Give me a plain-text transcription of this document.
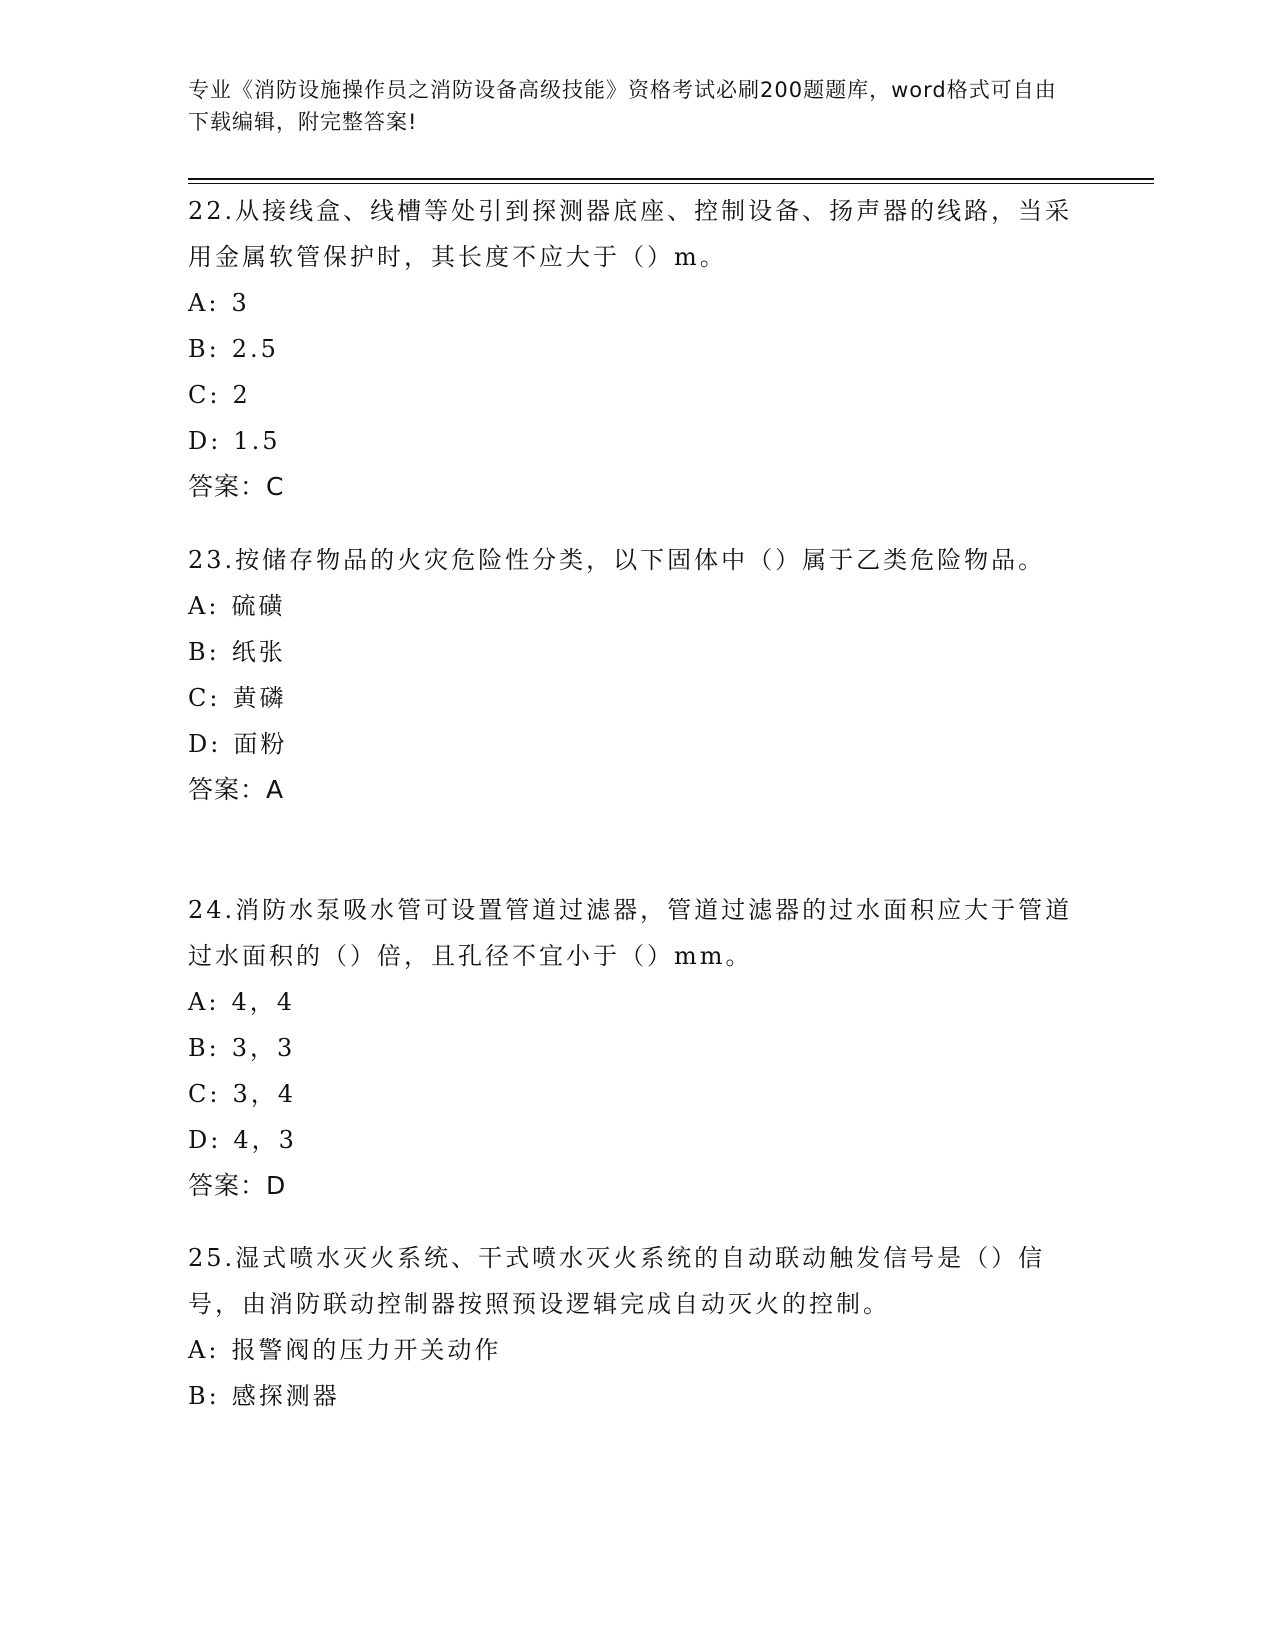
专业《消防设施操作员之消防设备高级技能》资格考试必刷200题题库，word格式可自由下载编辑，附完整答案!

22.从接线盒、线槽等处引到探测器底座、控制设备、扬声器的线路，当采用金属软管保护时，其长度不应大于（）m。

A: 3
B: 2.5
C: 2
D: 1.5
答案：C

23.按储存物品的火灾危险性分类，以下固体中（）属于乙类危险物品。

A: 硫磺
B: 纸张
C: 黄磷
D: 面粉
答案：A

24.消防水泵吸水管可设置管道过滤器，管道过滤器的过水面积应大于管道过水面积的（）倍，且孔径不宜小于（）mm。

A: 4，4
B: 3，3
C: 3，4
D: 4，3
答案：D

25.湿式喷水灭火系统、干式喷水灭火系统的自动联动触发信号是（）信号，由消防联动控制器按照预设逻辑完成自动灭火的控制。

A: 报警阀的压力开关动作
B: 感探测器
